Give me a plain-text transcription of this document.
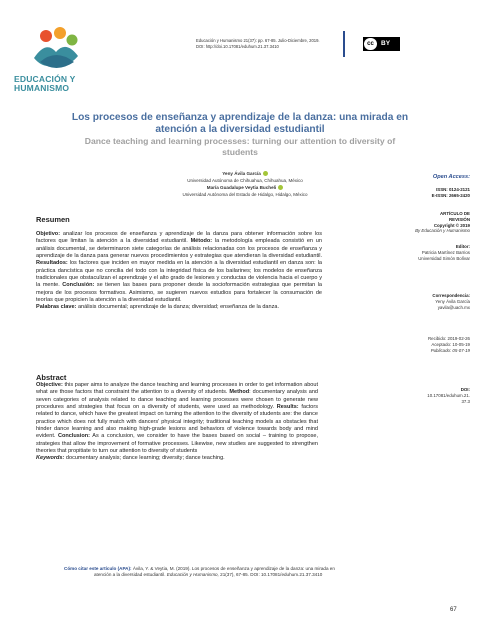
EDUCACIÓN Y
HUMANISMO
Educación y Humanismo 21(37): pp. 67-85. Julio-Diciembre, 2019.
DOI: http://doi.10.17081/eduhum.21.37.3410	cc	BY
Los procesos de enseñanza y aprendizaje de la danza: una mirada en
atención a la diversidad estudiantil
Dance teaching and learning processes: turning our attention to diversity of
students
Yeny Ávila García
Universidad Autónoma de Chihuahua, Chihuahua, México
María Guadalupe Veytia Bucheli
Universidad Autónoma del Estado de Hidalgo, Hidalgo, México
Open Access:
ISSN: 0124-2121
E-ISSN: 2665-2420
ARTÍCULO DE
REVISIÓN
Copyright © 2019
By Educación y Humanismo
Editor:
Patricia Martínez Barrios
Universidad Simón Bolívar
Correspondencia:
Yeny Ávila García
yavila@uach.mx
Recibido: 2019-02-26
Aceptado: 10-05-19
Publicado: 05-07-19
DOI:
10.17081/eduhum.21.
37.3
Resumen
Objetivo: analizar los procesos de enseñanza y aprendizaje de la danza para obtener información sobre los factores que limitan la atención a la diversidad estudiantil. Método: la metodología empleada consistió en un análisis documental, se determinaron siete categorías de análisis relacionadas con los procesos de enseñanza y aprendizaje de la danza para generar nuevos procedimientos y estrategias que atendieran la diversidad estudiantil. Resultados: los factores que inciden en mayor medida en la atención a la diversidad estudiantil en danza son: la práctica dancística que no concilia del todo con la integridad física de los bailarines; los modelos de enseñanza tradicionales que obstaculizan el aprendizaje y el alto grado de lesiones y conductas de violencia hacia el cuerpo y la mente. Conclusión: se tienen las bases para proponer desde la socioformación estrategias que permitan la mejora de los procesos formativos. Asimismo, se sugieren nuevos estudios para fortalecer la consumación de teorías que propicien la atención a la diversidad estudiantil.
Palabras clave: análisis documental; aprendizaje de la danza; diversidad; enseñanza de la danza.
Abstract
Objective: this paper aims to analyze the dance teaching and learning processes in order to get information about what are those factors that constraint the attention to a diversity of students. Method: documentary analysis and seven categories of analysis related to dance teaching and learning processes were chosen to generate new procedures and strategies that focus on a diversity of students, were used as methodology. Results: factors related to dance, which have the greatest impact on turning the attention to the diversity of students are: the dance practice which does not fully match with dancers' physical integrity; traditional teaching models as obstacles that hinder dance learning and also making high-grade lesions and behaviors of violence towards body and mind evident. Conclusion: As a conclusion, we consider to have the bases based on social – training to propose, strategies that allow the improvement of formative processes. Likewise, new studies are suggested to strengthen theories that propitiate to turn our attention to diversity of students
Keywords: documentary analysis; dance learning; diversity; dance teaching.
Cómo citar este artículo (APA): Ávila, Y. & Veytia, M. (2019). Los procesos de enseñanza y aprendizaje de la danza: una mirada en
atención a la diversidad estudiantil. Educación y Humanismo, 21(37), 67-85. DOI: 10.17081/eduhum.21.37.3410
67
